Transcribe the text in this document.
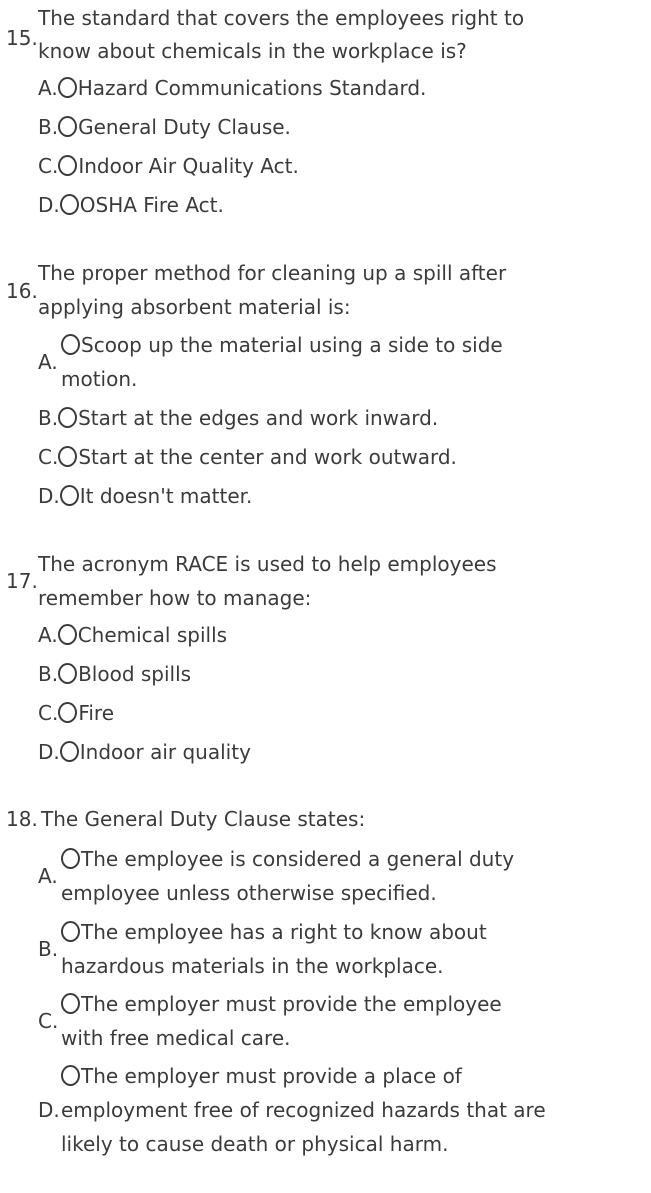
15.
The standard that covers the employees right to
know about chemicals in the workplace is?
A. Hazard Communications Standard.
B. General Duty Clause.
C. Indoor Air Quality Act.
D. OSHA Fire Act.
16.
The proper method for cleaning up a spill after
applying absorbent material is:
A.
Scoop up the material using a side to side
motion.
B. Start at the edges and work inward.
C. Start at the center and work outward.
D. It doesn't matter.
17.
The acronym RACE is used to help employees
remember how to manage:
A. Chemical spills
B. Blood spills
C. Fire
D. Indoor air quality
18. The General Duty Clause states:
A.
The employee is considered a general duty
employee unless otherwise specified.
B.
The employee has a right to know about
hazardous materials in the workplace.
C.
The employer must provide the employee
with free medical care.
The employer must provide a place of
D. employment free of recognized hazards that are
likely to cause death or physical harm.
